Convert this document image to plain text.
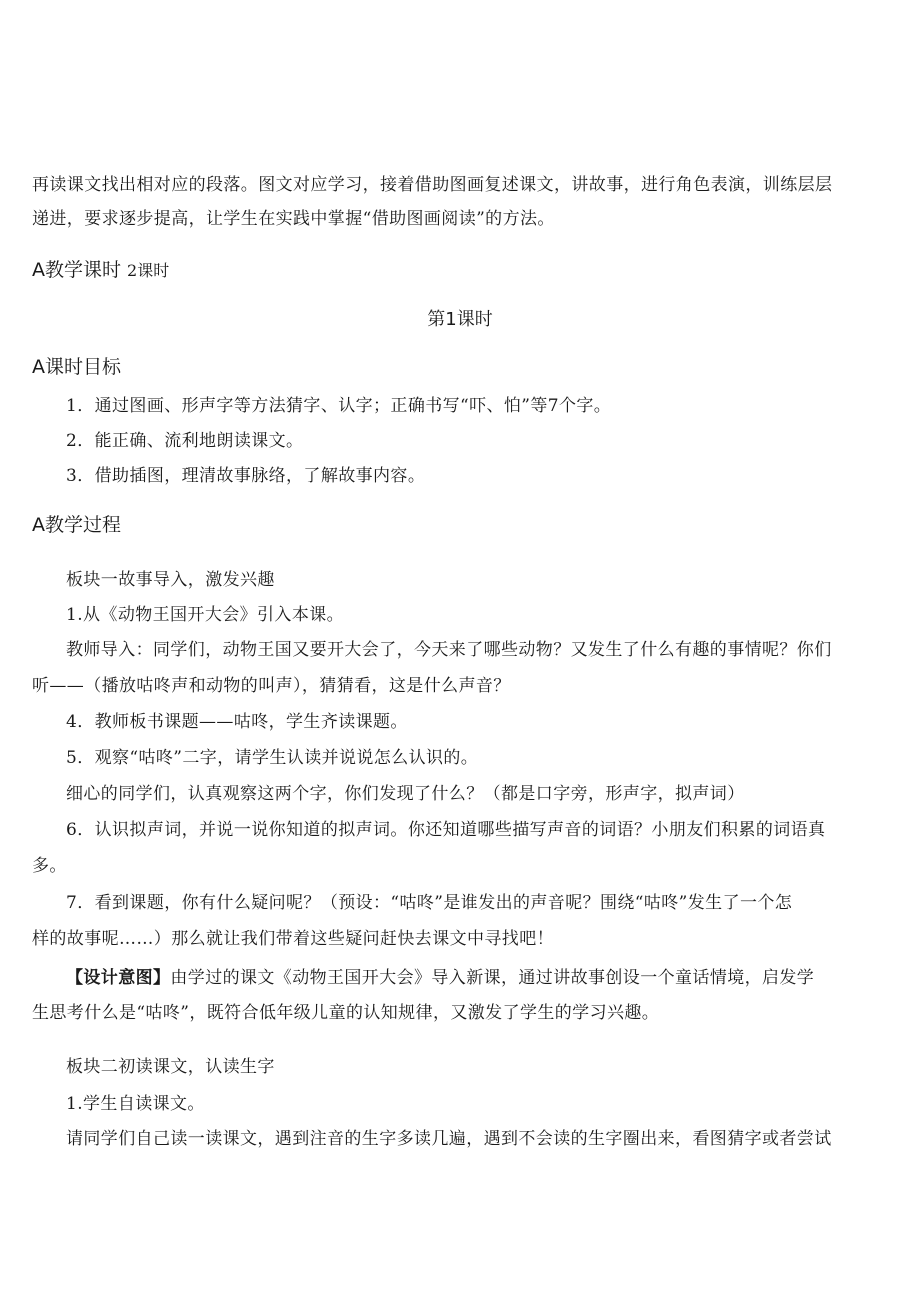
再读课文找出相对应的段落。图文对应学习，接着借助图画复述课文，讲故事，进行角色表演，训练层层

递进，要求逐步提高，让学生在实践中掌握“借助图画阅读”的方法。

A教学课时 2课时

第1课时

A课时目标

1．通过图画、形声字等方法猜字、认字；正确书写“吓、怕”等7个字。

2．能正确、流利地朗读课文。

3．借助插图，理清故事脉络，了解故事内容。

A教学过程

板块一故事导入，激发兴趣

1.从《动物王国开大会》引入本课。

教师导入：同学们，动物王国又要开大会了，今天来了哪些动物？又发生了什么有趣的事情呢？你们

听——（播放咕咚声和动物的叫声），猜猜看，这是什么声音？

4．教师板书课题——咕咚，学生齐读课题。

5．观察“咕咚”二字，请学生认读并说说怎么认识的。

细心的同学们，认真观察这两个字，你们发现了什么？（都是口字旁，形声字，拟声词）

6．认识拟声词，并说一说你知道的拟声词。你还知道哪些描写声音的词语？小朋友们积累的词语真

多。

7．看到课题，你有什么疑问呢？（预设：“咕咚”是谁发出的声音呢？围绕“咕咚”发生了一个怎

样的故事呢……）那么就让我们带着这些疑问赶快去课文中寻找吧！

【设计意图】由学过的课文《动物王国开大会》导入新课，通过讲故事创设一个童话情境，启发学

生思考什么是“咕咚”，既符合低年级儿童的认知规律，又激发了学生的学习兴趣。

板块二初读课文，认读生字

1.学生自读课文。

请同学们自己读一读课文，遇到注音的生字多读几遍，遇到不会读的生字圈出来，看图猜字或者尝试
